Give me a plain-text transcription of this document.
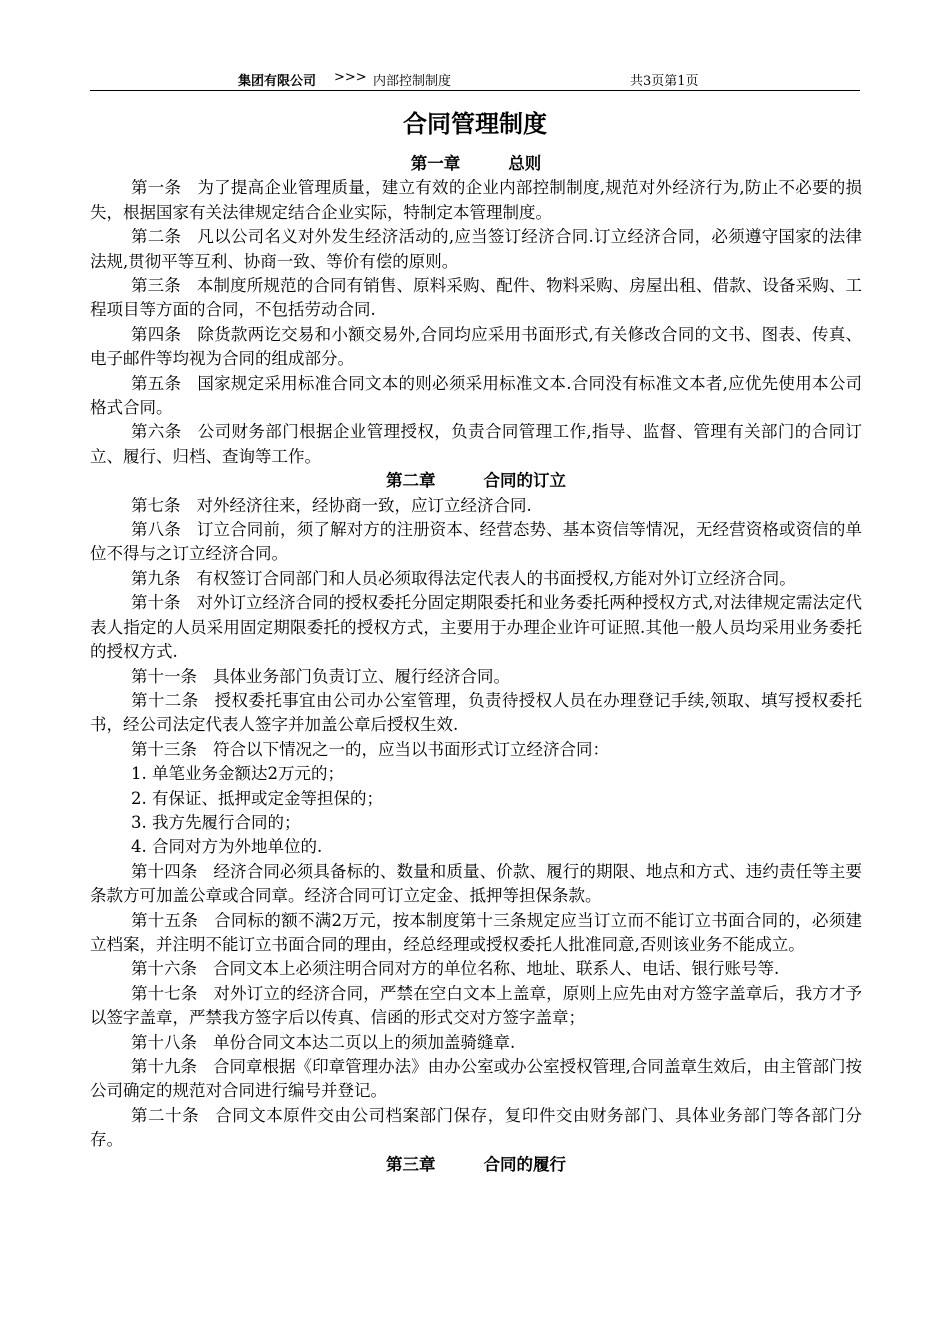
集团有限公司 >>> 内部控制制度	共3页第1页
合同管理制度
第一章	总则

第一条 为了提高企业管理质量，建立有效的企业内部控制制度,规范对外经济行为,防止不必要的损失，根据国家有关法律规定结合企业实际，特制定本管理制度。

第二条 凡以公司名义对外发生经济活动的,应当签订经济合同.订立经济合同，必须遵守国家的法律法规,贯彻平等互利、协商一致、等价有偿的原则。

第三条 本制度所规范的合同有销售、原料采购、配件、物料采购、房屋出租、借款、设备采购、工程项目等方面的合同，不包括劳动合同.

第四条 除货款两讫交易和小额交易外,合同均应采用书面形式,有关修改合同的文书、图表、传真、电子邮件等均视为合同的组成部分。

第五条 国家规定采用标准合同文本的则必须采用标准文本.合同没有标准文本者,应优先使用本公司格式合同。

第六条 公司财务部门根据企业管理授权，负责合同管理工作,指导、监督、管理有关部门的合同订立、履行、归档、查询等工作。

第二章	合同的订立

第七条 对外经济往来，经协商一致，应订立经济合同.

第八条 订立合同前，须了解对方的注册资本、经营态势、基本资信等情况，无经营资格或资信的单位不得与之订立经济合同。

第九条 有权签订合同部门和人员必须取得法定代表人的书面授权,方能对外订立经济合同。

第十条 对外订立经济合同的授权委托分固定期限委托和业务委托两种授权方式,对法律规定需法定代表人指定的人员采用固定期限委托的授权方式，主要用于办理企业许可证照.其他一般人员均采用业务委托的授权方式.

第十一条 具体业务部门负责订立、履行经济合同。

第十二条 授权委托事宜由公司办公室管理，负责待授权人员在办理登记手续,领取、填写授权委托书，经公司法定代表人签字并加盖公章后授权生效.

第十三条 符合以下情况之一的，应当以书面形式订立经济合同：

1. 单笔业务金额达2万元的；

2. 有保证、抵押或定金等担保的；

3. 我方先履行合同的；

4. 合同对方为外地单位的.

第十四条 经济合同必须具备标的、数量和质量、价款、履行的期限、地点和方式、违约责任等主要条款方可加盖公章或合同章。经济合同可订立定金、抵押等担保条款。

第十五条 合同标的额不满2万元，按本制度第十三条规定应当订立而不能订立书面合同的，必须建立档案，并注明不能订立书面合同的理由，经总经理或授权委托人批准同意,否则该业务不能成立。

第十六条 合同文本上必须注明合同对方的单位名称、地址、联系人、电话、银行账号等.

第十七条 对外订立的经济合同，严禁在空白文本上盖章，原则上应先由对方签字盖章后，我方才予以签字盖章，严禁我方签字后以传真、信函的形式交对方签字盖章；

第十八条 单份合同文本达二页以上的须加盖骑缝章.

第十九条 合同章根据《印章管理办法》由办公室或办公室授权管理,合同盖章生效后，由主管部门按公司确定的规范对合同进行编号并登记。

第二十条 合同文本原件交由公司档案部门保存，复印件交由财务部门、具体业务部门等各部门分存。

第三章	合同的履行
